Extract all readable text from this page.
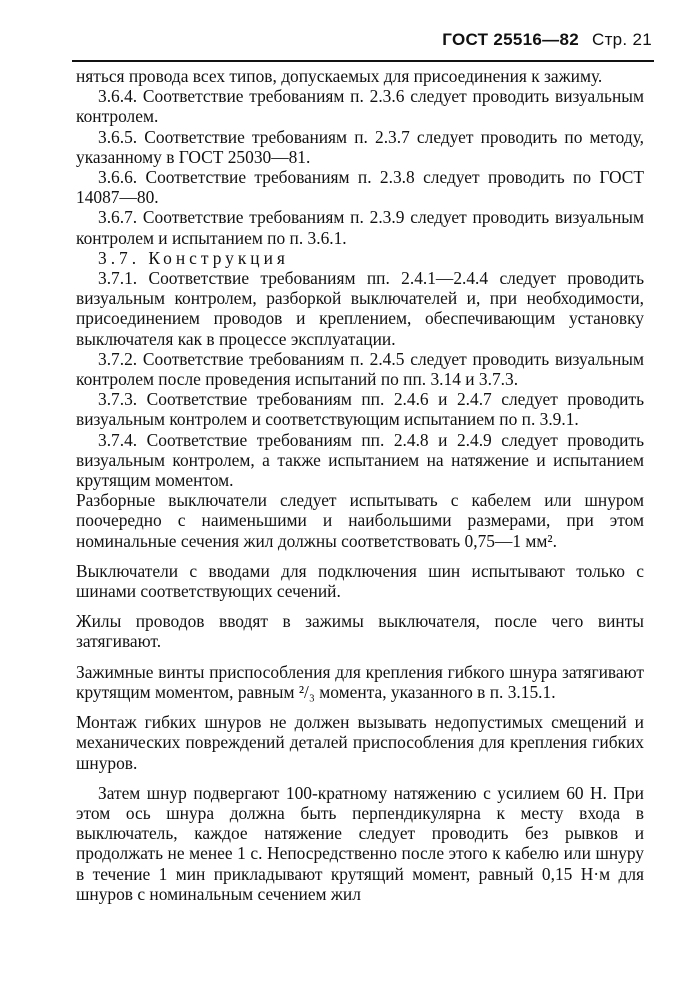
ГОСТ 25516—82 Стр. 21

няться провода всех типов, допускаемых для присоединения к зажиму.

3.6.4. Соответствие требованиям п. 2.3.6 следует проводить визуальным контролем.

3.6.5. Соответствие требованиям п. 2.3.7 следует проводить по методу, указанному в ГОСТ 25030—81.

3.6.6. Соответствие требованиям п. 2.3.8 следует проводить по ГОСТ 14087—80.

3.6.7. Соответствие требованиям п. 2.3.9 следует проводить визуальным контролем и испытанием по п. 3.6.1.

3.7. Конструкция

3.7.1. Соответствие требованиям пп. 2.4.1—2.4.4 следует проводить визуальным контролем, разборкой выключателей и, при необходимости, присоединением проводов и креплением, обеспечивающим установку выключателя как в процессе эксплуатации.

3.7.2. Соответствие требованиям п. 2.4.5 следует проводить визуальным контролем после проведения испытаний по пп. 3.14 и 3.7.3.

3.7.3. Соответствие требованиям пп. 2.4.6 и 2.4.7 следует проводить визуальным контролем и соответствующим испытанием по п. 3.9.1.

3.7.4. Соответствие требованиям пп. 2.4.8 и 2.4.9 следует проводить визуальным контролем, а также испытанием на натяжение и испытанием крутящим моментом.

Разборные выключатели следует испытывать с кабелем или шнуром поочередно с наименьшими и наибольшими размерами, при этом номинальные сечения жил должны соответствовать 0,75—1 мм².

Выключатели с вводами для подключения шин испытывают только с шинами соответствующих сечений.

Жилы проводов вводят в зажимы выключателя, после чего винты затягивают.

Зажимные винты приспособления для крепления гибкого шнура затягивают крутящим моментом, равным ²/₃ момента, указанного в п. 3.15.1.

Монтаж гибких шнуров не должен вызывать недопустимых смещений и механических повреждений деталей приспособления для крепления гибких шнуров.

Затем шнур подвергают 100-кратному натяжению с усилием 60 Н. При этом ось шнура должна быть перпендикулярна к месту входа в выключатель, каждое натяжение следует проводить без рывков и продолжать не менее 1 с. Непосредственно после этого к кабелю или шнуру в течение 1 мин прикладывают крутящий момент, равный 0,15 Н·м для шнуров с номинальным сечением жил
